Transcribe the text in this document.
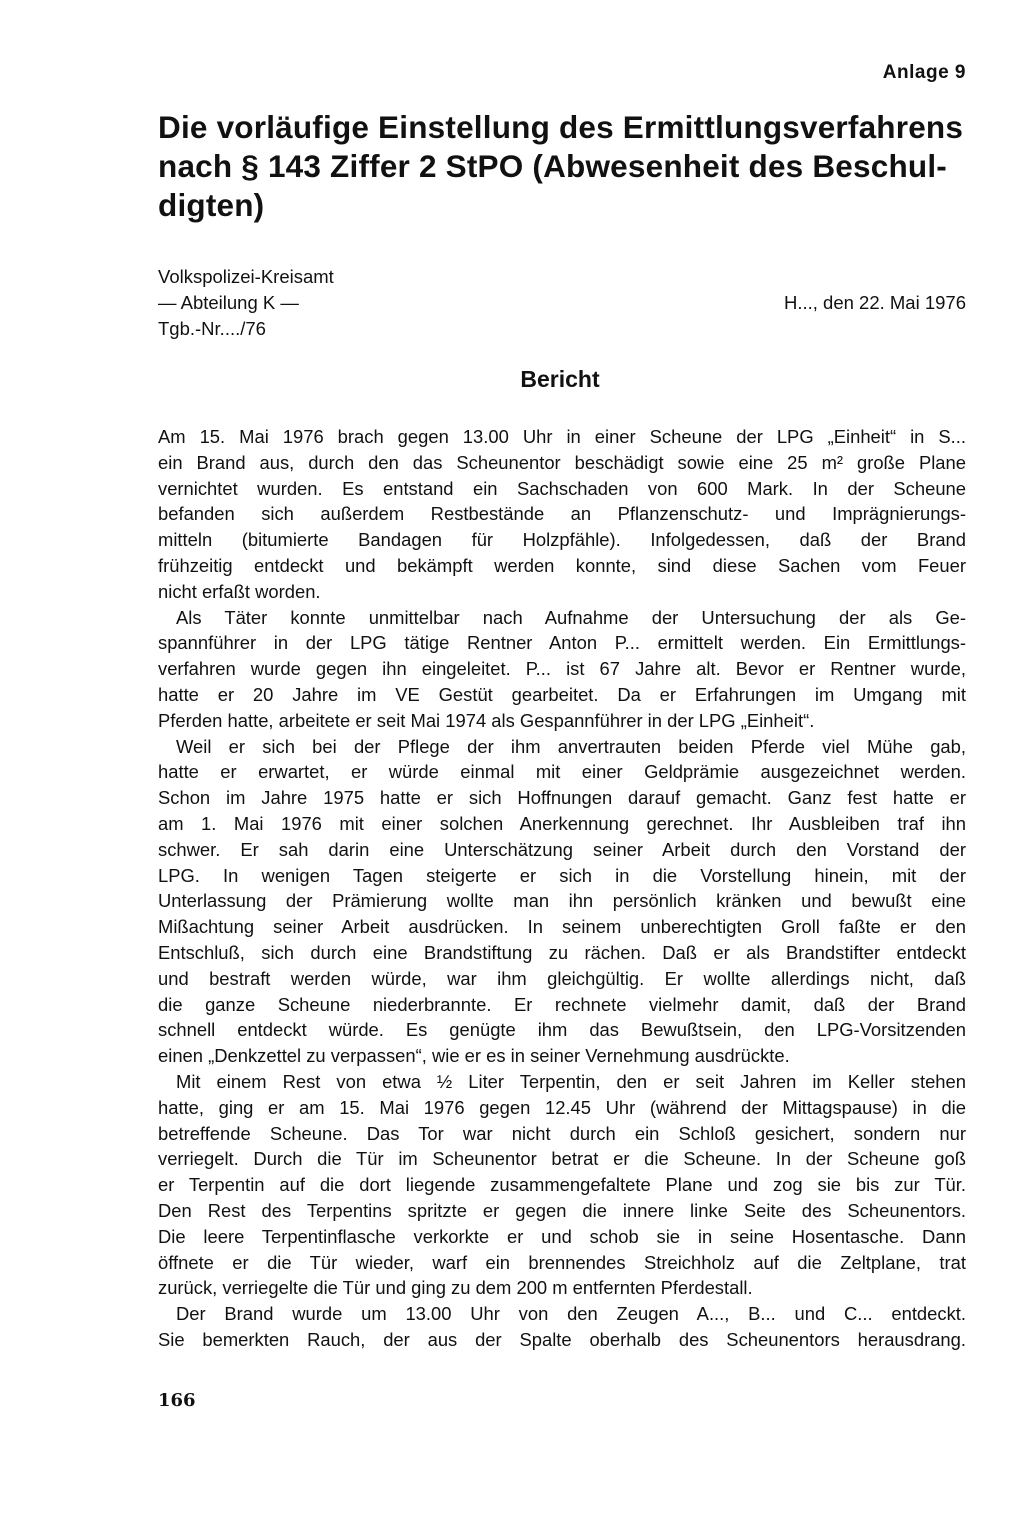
Anlage 9
Die vorläufige Einstellung des Ermittlungsverfahrens
nach § 143 Ziffer 2 StPO (Abwesenheit des Beschul-
digten)
Volkspolizei-Kreisamt
— Abteilung K —
Tgb.-Nr..../76
H..., den 22. Mai 1976
Bericht
Am 15. Mai 1976 brach gegen 13.00 Uhr in einer Scheune der LPG „Einheit“ in S...
ein Brand aus, durch den das Scheunentor beschädigt sowie eine 25 m² große Plane
vernichtet wurden. Es entstand ein Sachschaden von 600 Mark. In der Scheune
befanden sich außerdem Restbestände an Pflanzenschutz- und Imprägnierungs-
mitteln (bitumierte Bandagen für Holzpfähle). Infolgedessen, daß der Brand
frühzeitig entdeckt und bekämpft werden konnte, sind diese Sachen vom Feuer
nicht erfaßt worden.
Als Täter konnte unmittelbar nach Aufnahme der Untersuchung der als Ge-
spannführer in der LPG tätige Rentner Anton P... ermittelt werden. Ein Ermittlungs-
verfahren wurde gegen ihn eingeleitet. P... ist 67 Jahre alt. Bevor er Rentner wurde,
hatte er 20 Jahre im VE Gestüt gearbeitet. Da er Erfahrungen im Umgang mit
Pferden hatte, arbeitete er seit Mai 1974 als Gespannführer in der LPG „Einheit“.
Weil er sich bei der Pflege der ihm anvertrauten beiden Pferde viel Mühe gab,
hatte er erwartet, er würde einmal mit einer Geldprämie ausgezeichnet werden.
Schon im Jahre 1975 hatte er sich Hoffnungen darauf gemacht. Ganz fest hatte er
am 1. Mai 1976 mit einer solchen Anerkennung gerechnet. Ihr Ausbleiben traf ihn
schwer. Er sah darin eine Unterschätzung seiner Arbeit durch den Vorstand der
LPG. In wenigen Tagen steigerte er sich in die Vorstellung hinein, mit der
Unterlassung der Prämierung wollte man ihn persönlich kränken und bewußt eine
Mißachtung seiner Arbeit ausdrücken. In seinem unberechtigten Groll faßte er den
Entschluß, sich durch eine Brandstiftung zu rächen. Daß er als Brandstifter entdeckt
und bestraft werden würde, war ihm gleichgültig. Er wollte allerdings nicht, daß
die ganze Scheune niederbrannte. Er rechnete vielmehr damit, daß der Brand
schnell entdeckt würde. Es genügte ihm das Bewußtsein, den LPG-Vorsitzenden
einen „Denkzettel zu verpassen“, wie er es in seiner Vernehmung ausdrückte.
Mit einem Rest von etwa ½ Liter Terpentin, den er seit Jahren im Keller stehen
hatte, ging er am 15. Mai 1976 gegen 12.45 Uhr (während der Mittagspause) in die
betreffende Scheune. Das Tor war nicht durch ein Schloß gesichert, sondern nur
verriegelt. Durch die Tür im Scheunentor betrat er die Scheune. In der Scheune goß
er Terpentin auf die dort liegende zusammengefaltete Plane und zog sie bis zur Tür.
Den Rest des Terpentins spritzte er gegen die innere linke Seite des Scheunentors.
Die leere Terpentinflasche verkorkte er und schob sie in seine Hosentasche. Dann
öffnete er die Tür wieder, warf ein brennendes Streichholz auf die Zeltplane, trat
zurück, verriegelte die Tür und ging zu dem 200 m entfernten Pferdestall.
Der Brand wurde um 13.00 Uhr von den Zeugen A..., B... und C... entdeckt.
Sie bemerkten Rauch, der aus der Spalte oberhalb des Scheunentors herausdrang.
166
